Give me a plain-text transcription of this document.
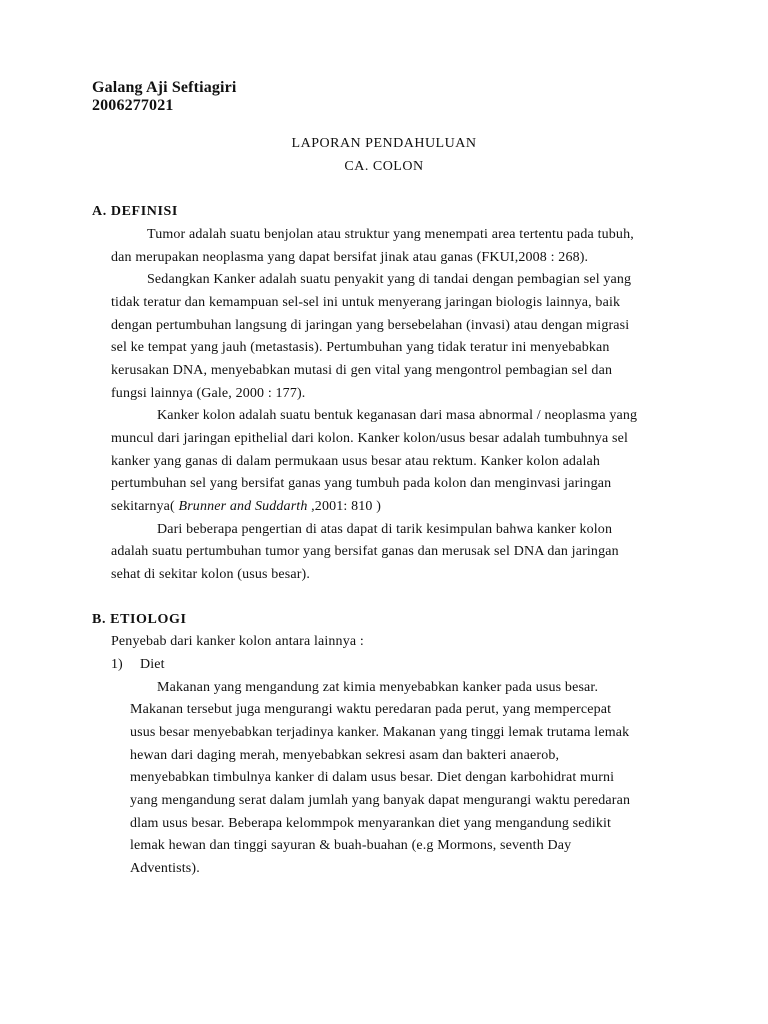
Galang Aji Seftiagiri
2006277021
LAPORAN PENDAHULUAN
CA. COLON
A. DEFINISI
Tumor adalah suatu benjolan atau struktur yang menempati area tertentu pada tubuh,
dan merupakan neoplasma yang dapat bersifat jinak atau ganas (FKUI,2008 : 268).
Sedangkan Kanker adalah suatu penyakit yang di tandai dengan pembagian sel yang
tidak teratur dan kemampuan sel-sel ini untuk menyerang jaringan biologis lainnya, baik
dengan pertumbuhan langsung di jaringan yang bersebelahan (invasi) atau dengan migrasi
sel ke tempat yang jauh (metastasis). Pertumbuhan yang tidak teratur ini menyebabkan
kerusakan DNA, menyebabkan mutasi di gen vital yang mengontrol pembagian sel dan
fungsi lainnya (Gale, 2000 : 177).
Kanker kolon adalah suatu bentuk keganasan dari masa abnormal / neoplasma yang
muncul dari jaringan epithelial dari kolon. Kanker kolon/usus besar adalah tumbuhnya sel
kanker yang ganas di dalam permukaan usus besar atau rektum. Kanker kolon adalah
pertumbuhan sel yang bersifat ganas yang tumbuh pada kolon dan menginvasi jaringan
sekitarnya( Brunner and Suddarth ,2001: 810 )
Dari beberapa pengertian di atas dapat di tarik kesimpulan bahwa kanker kolon
adalah suatu pertumbuhan tumor yang bersifat ganas dan merusak sel DNA dan jaringan
sehat di sekitar kolon (usus besar).
B. ETIOLOGI
Penyebab dari kanker kolon antara lainnya :
1) Diet
Makanan yang mengandung zat kimia menyebabkan kanker pada usus besar.
Makanan tersebut juga mengurangi waktu peredaran pada perut, yang mempercepat
usus besar menyebabkan terjadinya kanker. Makanan yang tinggi lemak trutama lemak
hewan dari daging merah, menyebabkan sekresi asam dan bakteri anaerob,
menyebabkan timbulnya kanker di dalam usus besar. Diet dengan karbohidrat murni
yang mengandung serat dalam jumlah yang banyak dapat mengurangi waktu peredaran
dlam usus besar. Beberapa kelommpok menyarankan diet yang mengandung sedikit
lemak hewan dan tinggi sayuran & buah-buahan (e.g Mormons, seventh Day
Adventists).
